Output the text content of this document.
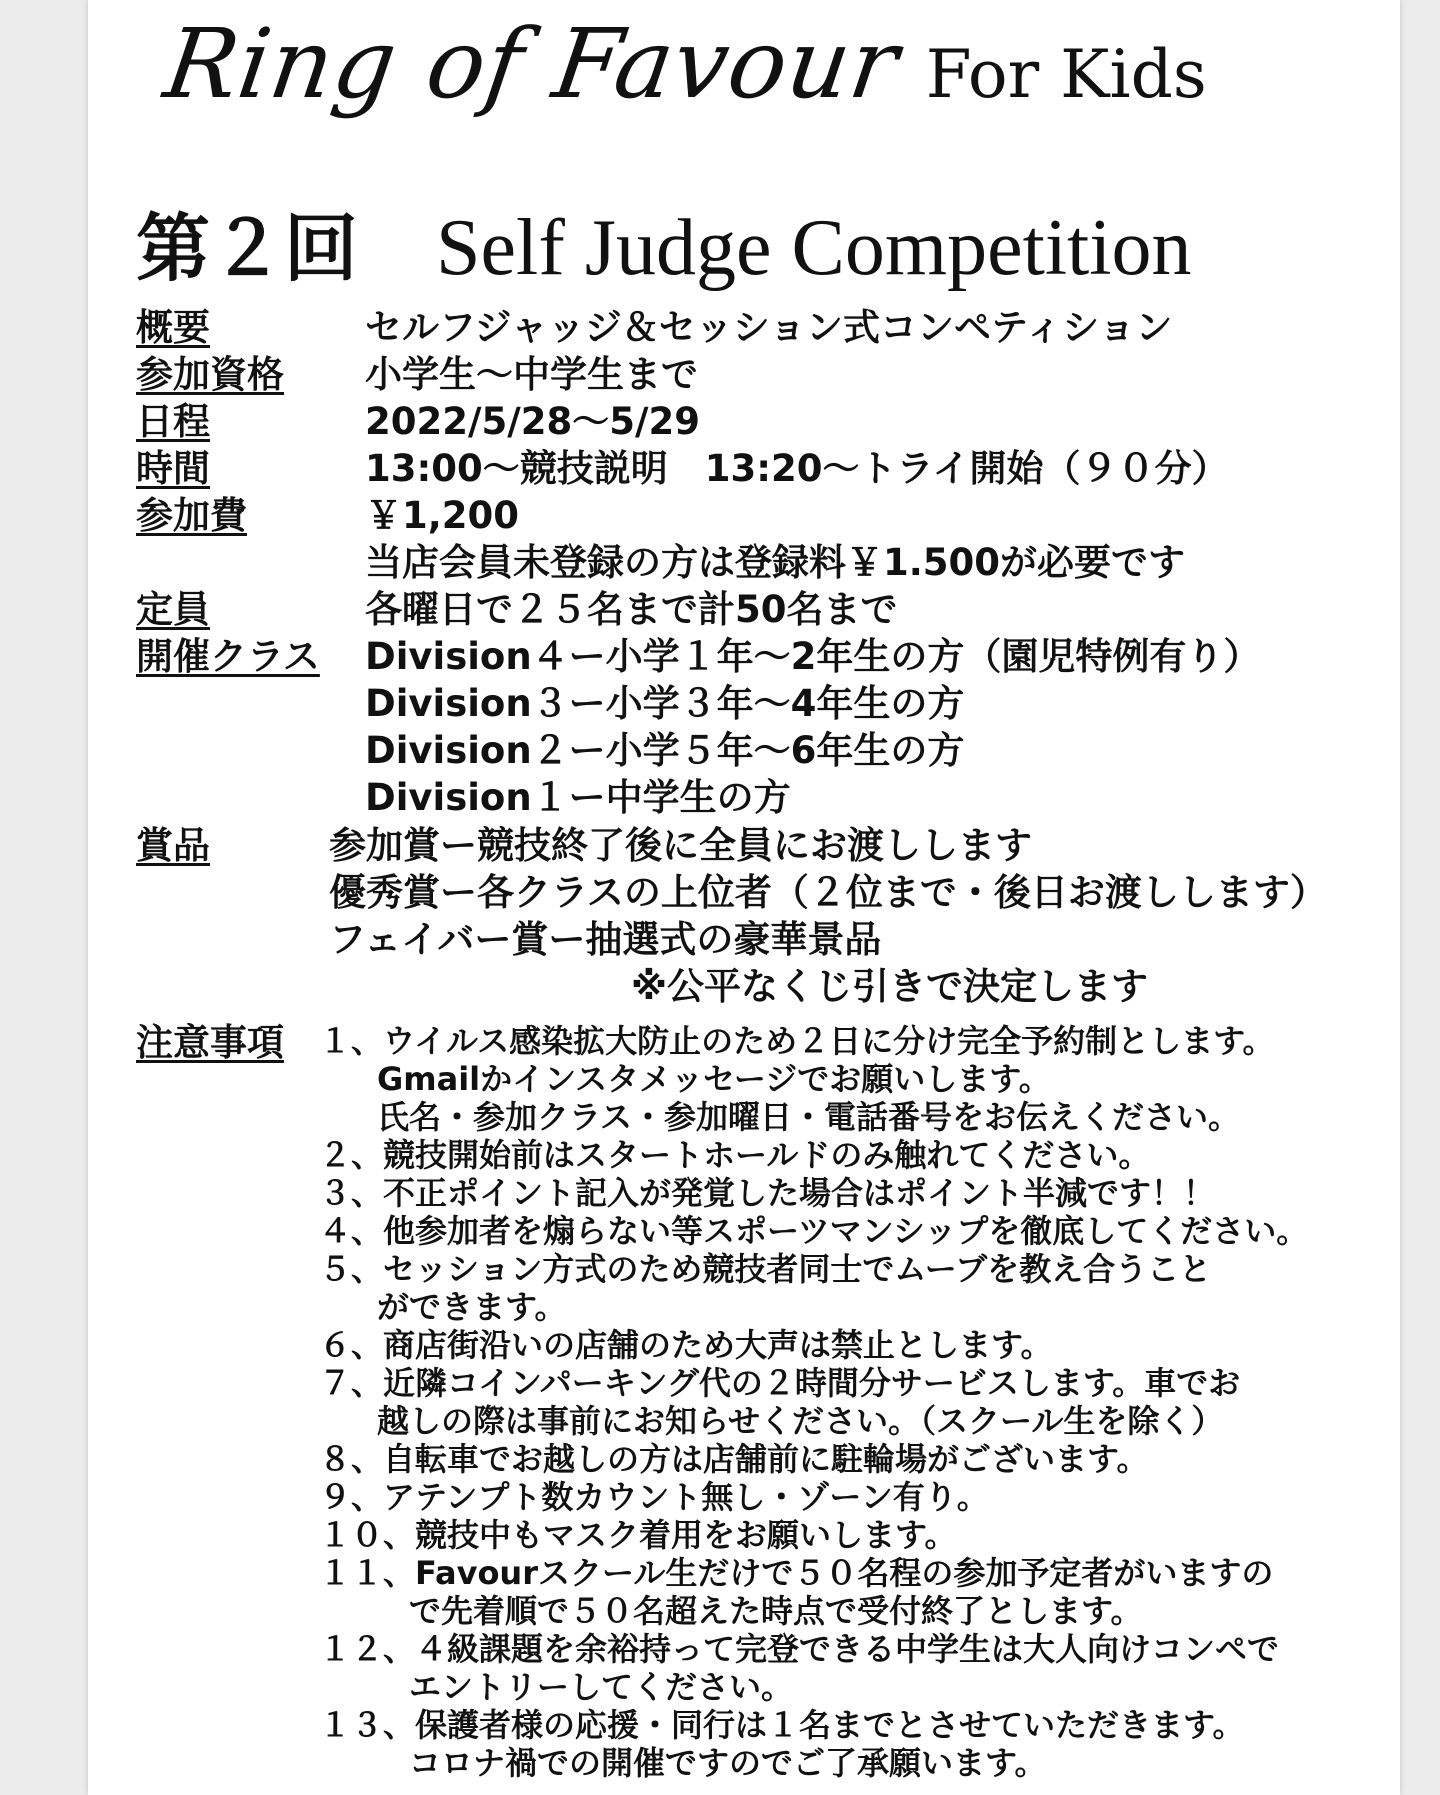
Ring of Favour For Kids
第２回 Self Judge Competition
概要	セルフジャッジ＆セッション式コンペティション
参加資格 小学生〜中学生まで
日程	2022/5/28〜5/29
時間	13:00〜競技説明　13:20〜トライ開始（９０分）
参加費	￥1,200
当店会員未登録の方は登録料￥1.500が必要です
定員	各曜日で２５名まで計50名まで
開催クラス Division４ー小学１年〜2年生の方（園児特例有り）
Division３ー小学３年〜4年生の方
Division２ー小学５年〜6年生の方
Division１ー中学生の方
賞品	参加賞ー競技終了後に全員にお渡しします
優秀賞ー各クラスの上位者（２位まで・後日お渡しします）
フェイバー賞ー抽選式の豪華景品
※公平なくじ引きで決定します
注意事項 １、ウイルス感染拡大防止のため２日に分け完全予約制とします。
Gmailかインスタメッセージでお願いします。
氏名・参加クラス・参加曜日・電話番号をお伝えください。
２、競技開始前はスタートホールドのみ触れてください。
３、不正ポイント記入が発覚した場合はポイント半減です！！
４、他参加者を煽らない等スポーツマンシップを徹底してください。
５、セッション方式のため競技者同士でムーブを教え合うこと
ができます。
６、商店街沿いの店舗のため大声は禁止とします。
７、近隣コインパーキング代の２時間分サービスします。車でお
越しの際は事前にお知らせください。（スクール生を除く）
８、自転車でお越しの方は店舗前に駐輪場がございます。
９、アテンプト数カウント無し・ゾーン有り。
１０、競技中もマスク着用をお願いします。
１１、Favourスクール生だけで５０名程の参加予定者がいますの
で先着順で５０名超えた時点で受付終了とします。
１２、４級課題を余裕持って完登できる中学生は大人向けコンペで
エントリーしてください。
１３、保護者様の応援・同行は１名までとさせていただきます。
コロナ禍での開催ですのでご了承願います。
